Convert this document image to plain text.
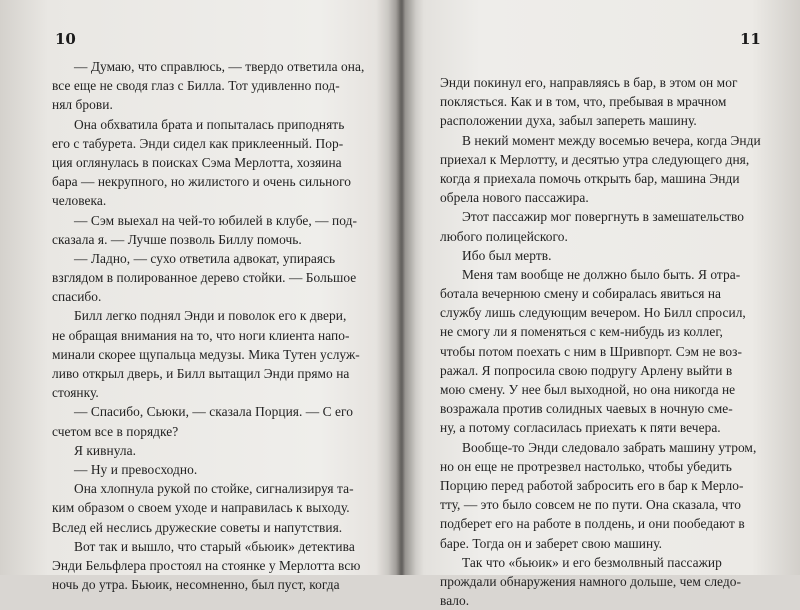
10
— Думаю, что справлюсь, — твердо ответила она,
все еще не сводя глаз с Билла. Тот удивленно под-
нял брови.
Она обхватила брата и попыталась приподнять
его с табурета. Энди сидел как приклеенный. Пор-
ция оглянулась в поисках Сэма Мерлотта, хозяина
бара — некрупного, но жилистого и очень сильного
человека.
— Сэм выехал на чей-то юбилей в клубе, — под-
сказала я. — Лучше позволь Биллу помочь.
— Ладно, — сухо ответила адвокат, упираясь
взглядом в полированное дерево стойки. — Большое
спасибо.
Билл легко поднял Энди и поволок его к двери,
не обращая внимания на то, что ноги клиента напо-
минали скорее щупальца медузы. Мика Тутен услуж-
ливо открыл дверь, и Билл вытащил Энди прямо на
стоянку.
— Спасибо, Сьюки, — сказала Порция. — С его
счетом все в порядке?
Я кивнула.
— Ну и превосходно.
Она хлопнула рукой по стойке, сигнализируя та-
ким образом о своем уходе и направилась к выходу.
Вслед ей неслись дружеские советы и напутствия.
Вот так и вышло, что старый «бьюик» детектива
Энди Бельфлера простоял на стоянке у Мерлотта всю
ночь до утра. Бьюик, несомненно, был пуст, когда
11
Энди покинул его, направляясь в бар, в этом он мог
поклясться. Как и в том, что, пребывая в мрачном
расположении духа, забыл запереть машину.
В некий момент между восемью вечера, когда Энди
приехал к Мерлотту, и десятью утра следующего дня,
когда я приехала помочь открыть бар, машина Энди
обрела нового пассажира.
Этот пассажир мог повергнуть в замешательство
любого полицейского.
Ибо был мертв.
Меня там вообще не должно было быть. Я отра-
ботала вечернюю смену и собиралась явиться на
службу лишь следующим вечером. Но Билл спросил,
не смогу ли я поменяться с кем-нибудь из коллег,
чтобы потом поехать с ним в Шривпорт. Сэм не воз-
ражал. Я попросила свою подругу Арлену выйти в
мою смену. У нее был выходной, но она никогда не
возражала против солидных чаевых в ночную сме-
ну, а потому согласилась приехать к пяти вечера.
Вообще-то Энди следовало забрать машину утром,
но он еще не протрезвел настолько, чтобы убедить
Порцию перед работой забросить его в бар к Мерло-
тту, — это было совсем не по пути. Она сказала, что
подберет его на работе в полдень, и они пообедают в
баре. Тогда он и заберет свою машину.
Так что «бьюик» и его безмолвный пассажир
прождали обнаружения намного дольше, чем следо-
вало.
